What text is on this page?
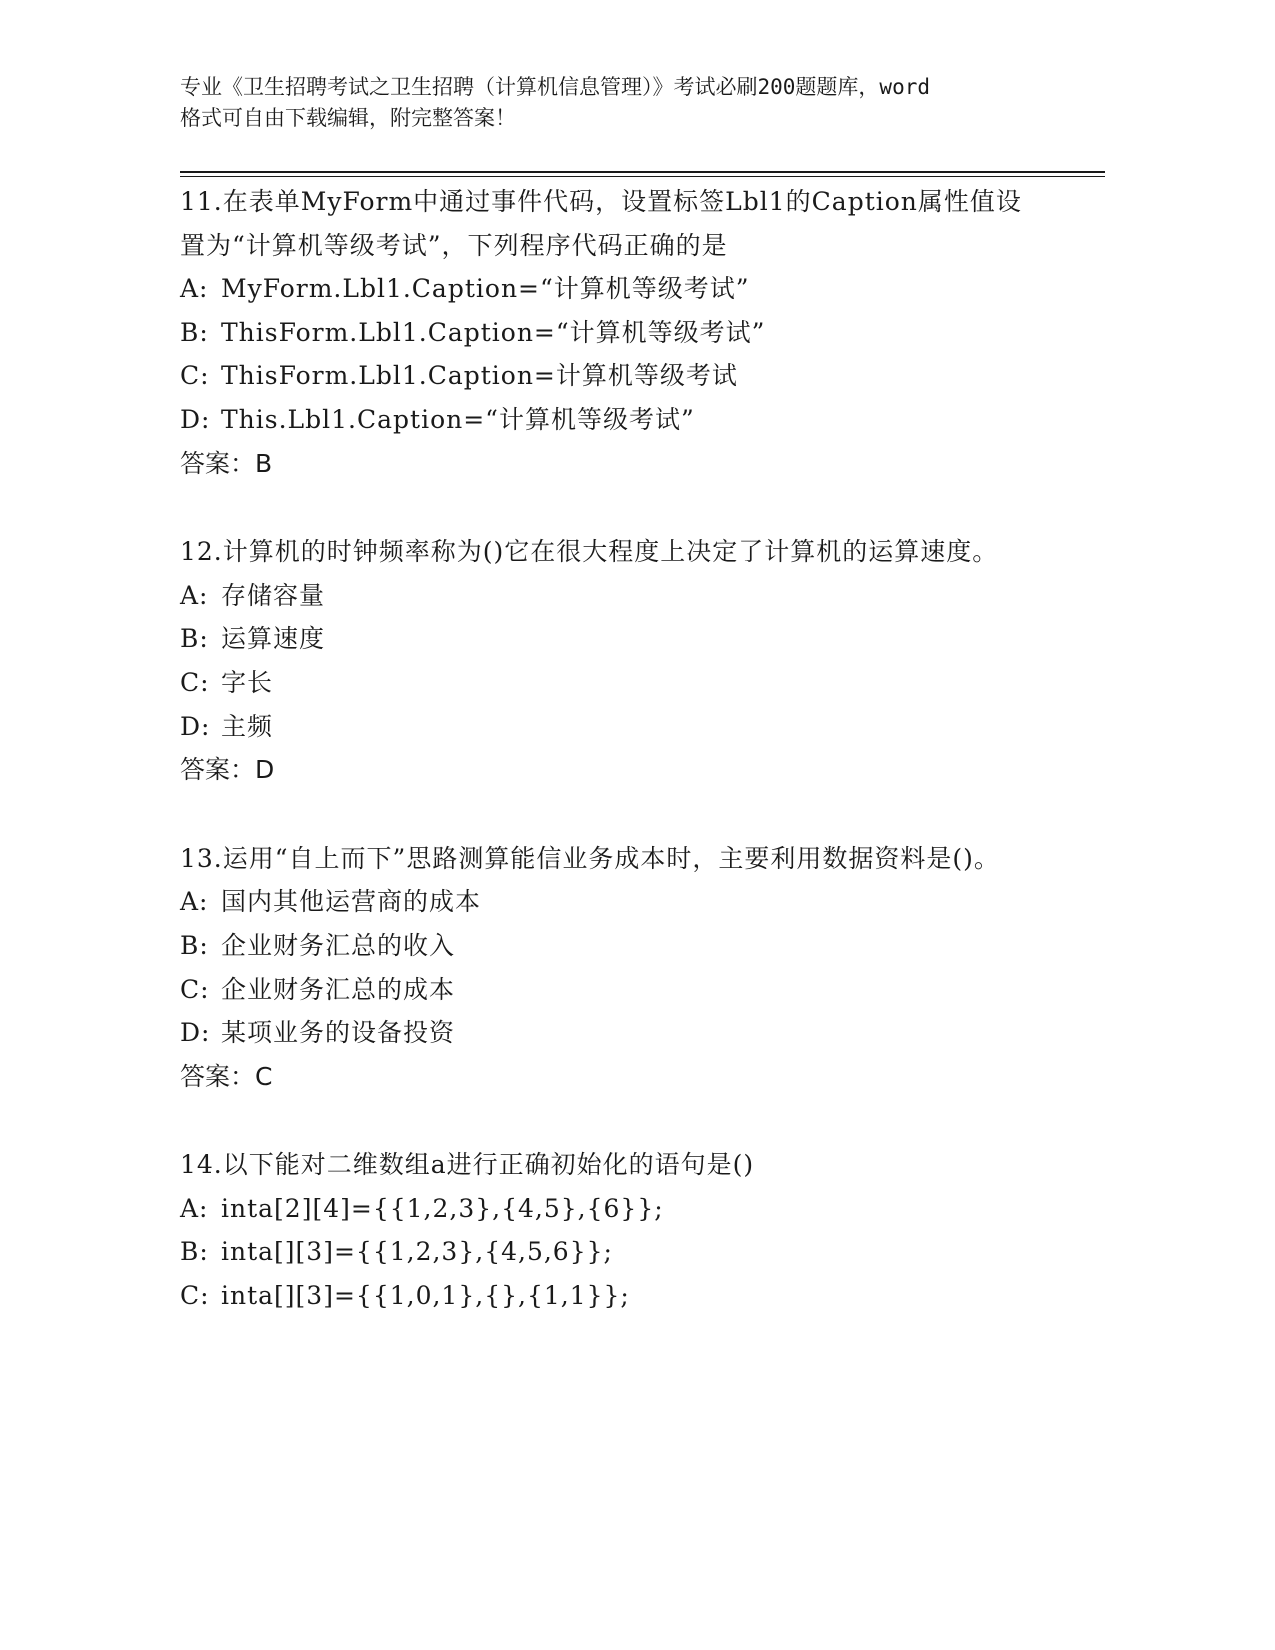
专业《卫生招聘考试之卫生招聘（计算机信息管理）》考试必刷200题题库，word
格式可自由下载编辑，附完整答案！
11.在表单MyForm中通过事件代码，设置标签Lbl1的Caption属性值设置为“计算机等级考试”，下列程序代码正确的是
A: MyForm.Lbl1.Caption=“计算机等级考试”
B: ThisForm.Lbl1.Caption=“计算机等级考试”
C: ThisForm.Lbl1.Caption=计算机等级考试
D: This.Lbl1.Caption=“计算机等级考试”
答案：B
12.计算机的时钟频率称为()它在很大程度上决定了计算机的运算速度。
A: 存储容量
B: 运算速度
C: 字长
D: 主频
答案：D
13.运用“自上而下”思路测算能信业务成本时，主要利用数据资料是()。
A: 国内其他运营商的成本
B: 企业财务汇总的收入
C: 企业财务汇总的成本
D: 某项业务的设备投资
答案：C
14.以下能对二维数组a进行正确初始化的语句是()
A: inta[2][4]={{1,2,3},{4,5},{6}};
B: inta[][3]={{1,2,3},{4,5,6}};
C: inta[][3]={{1,0,1},{},{1,1}};
